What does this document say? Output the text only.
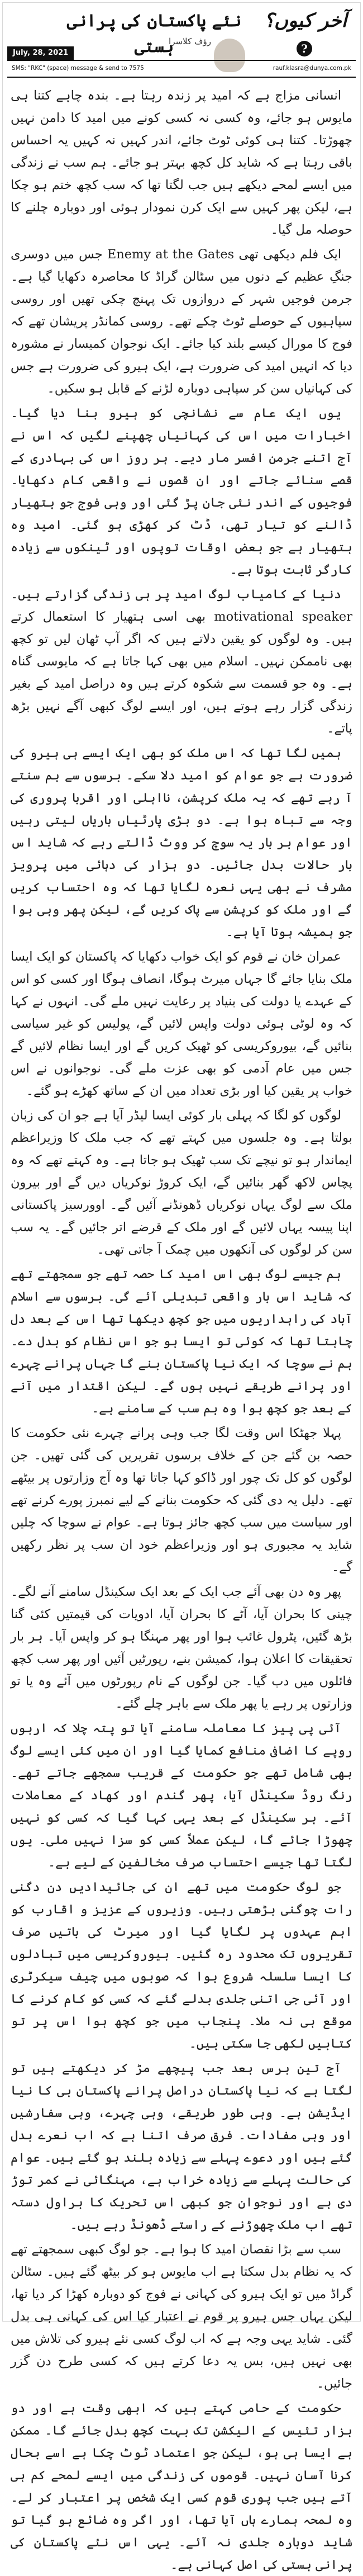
نئے پاکستان کی پرانی ہستی
آخر کیوں؟?
رؤف کلاسرا
July, 28, 2021
SMS: "RKC" (space) message & send to 7575	rauf.klasra@dunya.com.pk

انسانی مزاج ہے کہ امید پر زندہ رہتا ہے۔ بندہ چاہے کتنا ہی مایوس ہو جائے، وہ کسی نہ کسی کونے میں امید کا دامن نہیں چھوڑتا۔ کتنا ہی کوئی ٹوٹ جائے، اندر کہیں نہ کہیں یہ احساس باقی رہتا ہے کہ شاید کل کچھ بہتر ہو جائے۔ ہم سب نے زندگی میں ایسے لمحے دیکھے ہیں جب لگتا تھا کہ سب کچھ ختم ہو چکا ہے، لیکن پھر کہیں سے ایک کرن نمودار ہوئی اور دوبارہ چلنے کا حوصلہ مل گیا۔

ایک فلم دیکھی تھی Enemy at the Gates جس میں دوسری جنگِ عظیم کے دنوں میں سٹالن گراڈ کا محاصرہ دکھایا گیا ہے۔ جرمن فوجیں شہر کے دروازوں تک پہنچ چکی تھیں اور روسی سپاہیوں کے حوصلے ٹوٹ چکے تھے۔ روسی کمانڈر پریشان تھے کہ فوج کا مورال کیسے بلند کیا جائے۔ ایک نوجوان کمیسار نے مشورہ دیا کہ انہیں امید کی ضرورت ہے، ایک ہیرو کی ضرورت ہے جس کی کہانیاں سن کر سپاہی دوبارہ لڑنے کے قابل ہو سکیں۔

یوں ایک عام سے نشانچی کو ہیرو بنا دیا گیا۔ اخبارات میں اس کی کہانیاں چھپنے لگیں کہ اس نے آج اتنے جرمن افسر مار دیے۔ ہر روز اس کی بہادری کے قصے سنائے جاتے اور ان قصوں نے واقعی کام دکھایا۔ فوجیوں کے اندر نئی جان پڑ گئی اور وہی فوج جو ہتھیار ڈالنے کو تیار تھی، ڈٹ کر کھڑی ہو گئی۔ امید وہ ہتھیار ہے جو بعض اوقات توپوں اور ٹینکوں سے زیادہ کارگر ثابت ہوتا ہے۔

دنیا کے کامیاب لوگ امید پر ہی زندگی گزارتے ہیں۔ motivational speaker بھی اسی ہتھیار کا استعمال کرتے ہیں۔ وہ لوگوں کو یقین دلاتے ہیں کہ اگر آپ ٹھان لیں تو کچھ بھی ناممکن نہیں۔ اسلام میں بھی کہا جاتا ہے کہ مایوسی گناہ ہے۔ وہ جو قسمت سے شکوہ کرتے ہیں وہ دراصل امید کے بغیر زندگی گزار رہے ہوتے ہیں، اور ایسے لوگ کبھی آگے نہیں بڑھ پاتے۔

ہمیں لگا تھا کہ اس ملک کو بھی ایک ایسے ہی ہیرو کی ضرورت ہے جو عوام کو امید دلا سکے۔ برسوں سے ہم سنتے آ رہے تھے کہ یہ ملک کرپشن، نااہلی اور اقربا پروری کی وجہ سے تباہ ہوا ہے۔ دو بڑی پارٹیاں باریاں لیتی رہیں اور عوام ہر بار یہ سوچ کر ووٹ ڈالتے رہے کہ شاید اس بار حالات بدل جائیں۔ دو ہزار کی دہائی میں پرویز مشرف نے بھی یہی نعرہ لگایا تھا کہ وہ احتساب کریں گے اور ملک کو کرپشن سے پاک کریں گے، لیکن پھر وہی ہوا جو ہمیشہ ہوتا آیا ہے۔

عمران خان نے قوم کو ایک خواب دکھایا کہ پاکستان کو ایک ایسا ملک بنایا جائے گا جہاں میرٹ ہوگا، انصاف ہوگا اور کسی کو اس کے عہدے یا دولت کی بنیاد پر رعایت نہیں ملے گی۔ انہوں نے کہا کہ وہ لوٹی ہوئی دولت واپس لائیں گے، پولیس کو غیر سیاسی بنائیں گے، بیوروکریسی کو ٹھیک کریں گے اور ایسا نظام لائیں گے جس میں عام آدمی کو بھی عزت ملے گی۔ نوجوانوں نے اس خواب پر یقین کیا اور بڑی تعداد میں ان کے ساتھ کھڑے ہو گئے۔

لوگوں کو لگا کہ پہلی بار کوئی ایسا لیڈر آیا ہے جو ان کی زبان بولتا ہے۔ وہ جلسوں میں کہتے تھے کہ جب ملک کا وزیراعظم ایماندار ہو تو نیچے تک سب ٹھیک ہو جاتا ہے۔ وہ کہتے تھے کہ وہ پچاس لاکھ گھر بنائیں گے، ایک کروڑ نوکریاں دیں گے اور بیرون ملک سے لوگ یہاں نوکریاں ڈھونڈنے آئیں گے۔ اوورسیز پاکستانی اپنا پیسہ یہاں لائیں گے اور ملک کے قرضے اتر جائیں گے۔ یہ سب سن کر لوگوں کی آنکھوں میں چمک آ جاتی تھی۔

ہم جیسے لوگ بھی اس امید کا حصہ تھے جو سمجھتے تھے کہ شاید اس بار واقعی تبدیلی آئے گی۔ برسوں سے اسلام آباد کی راہداریوں میں جو کچھ دیکھا تھا اس کے بعد دل چاہتا تھا کہ کوئی تو ایسا ہو جو اس نظام کو بدل دے۔ ہم نے سوچا کہ ایک نیا پاکستان بنے گا جہاں پرانے چہرے اور پرانے طریقے نہیں ہوں گے۔ لیکن اقتدار میں آنے کے بعد جو کچھ ہوا وہ ہم سب کے سامنے ہے۔

پہلا جھٹکا اس وقت لگا جب وہی پرانے چہرے نئی حکومت کا حصہ بن گئے جن کے خلاف برسوں تقریریں کی گئی تھیں۔ جن لوگوں کو کل تک چور اور ڈاکو کہا جاتا تھا وہ آج وزارتوں پر بیٹھے تھے۔ دلیل یہ دی گئی کہ حکومت بنانے کے لیے نمبرز پورے کرنے تھے اور سیاست میں سب کچھ جائز ہوتا ہے۔ عوام نے سوچا کہ چلیں شاید یہ مجبوری ہو اور وزیراعظم خود ان سب پر نظر رکھیں گے۔

پھر وہ دن بھی آئے جب ایک کے بعد ایک سکینڈل سامنے آنے لگے۔ چینی کا بحران آیا، آٹے کا بحران آیا، ادویات کی قیمتیں کئی گنا بڑھ گئیں، پٹرول غائب ہوا اور پھر مہنگا ہو کر واپس آیا۔ ہر بار تحقیقات کا اعلان ہوا، کمیشن بنے، رپورٹیں آئیں اور پھر سب کچھ فائلوں میں دب گیا۔ جن لوگوں کے نام رپورٹوں میں آئے وہ یا تو وزارتوں پر رہے یا پھر ملک سے باہر چلے گئے۔

آئی پی پیز کا معاملہ سامنے آیا تو پتہ چلا کہ اربوں روپے کا اضافی منافع کمایا گیا اور ان میں کئی ایسے لوگ بھی شامل تھے جو حکومت کے قریب سمجھے جاتے تھے۔ رنگ روڈ سکینڈل آیا، پھر گندم اور کھاد کے معاملات آئے۔ ہر سکینڈل کے بعد یہی کہا گیا کہ کسی کو نہیں چھوڑا جائے گا، لیکن عملاً کسی کو سزا نہیں ملی۔ یوں لگتا تھا جیسے احتساب صرف مخالفین کے لیے ہے۔

جو لوگ حکومت میں تھے ان کی جائیدادیں دن دگنی رات چوگنی بڑھتی رہیں۔ وزیروں کے عزیز و اقارب کو اہم عہدوں پر لگایا گیا اور میرٹ کی باتیں صرف تقریروں تک محدود رہ گئیں۔ بیوروکریسی میں تبادلوں کا ایسا سلسلہ شروع ہوا کہ صوبوں میں چیف سیکرٹری اور آئی جی اتنی جلدی بدلے گئے کہ کسی کو کام کرنے کا موقع ہی نہ ملا۔ پنجاب میں جو کچھ ہوا اس پر تو کتابیں لکھی جا سکتی ہیں۔

آج تین برس بعد جب پیچھے مڑ کر دیکھتے ہیں تو لگتا ہے کہ نیا پاکستان دراصل پرانے پاکستان ہی کا نیا ایڈیشن ہے۔ وہی طور طریقے، وہی چہرے، وہی سفارشیں اور وہی مفادات۔ فرق صرف اتنا ہے کہ اب نعرے بدل گئے ہیں اور دعوے پہلے سے زیادہ بلند ہو گئے ہیں۔ عوام کی حالت پہلے سے زیادہ خراب ہے، مہنگائی نے کمر توڑ دی ہے اور نوجوان جو کبھی اس تحریک کا ہراول دستہ تھے اب ملک چھوڑنے کے راستے ڈھونڈ رہے ہیں۔

سب سے بڑا نقصان امید کا ہوا ہے۔ جو لوگ کبھی سمجھتے تھے کہ یہ نظام بدل سکتا ہے اب مایوس ہو کر بیٹھ گئے ہیں۔ سٹالن گراڈ میں تو ایک ہیرو کی کہانی نے فوج کو دوبارہ کھڑا کر دیا تھا، لیکن یہاں جس ہیرو پر قوم نے اعتبار کیا اس کی کہانی ہی بدل گئی۔ شاید یہی وجہ ہے کہ اب لوگ کسی نئے ہیرو کی تلاش میں بھی نہیں ہیں، بس یہ دعا کرتے ہیں کہ کسی طرح دن گزر جائیں۔

حکومت کے حامی کہتے ہیں کہ ابھی وقت ہے اور دو ہزار تئیس کے الیکشن تک بہت کچھ بدل جائے گا۔ ممکن ہے ایسا ہی ہو، لیکن جو اعتماد ٹوٹ چکا ہے اسے بحال کرنا آسان نہیں۔ قوموں کی زندگی میں ایسے لمحے کم ہی آتے ہیں جب پوری قوم کسی ایک شخص پر اعتبار کر لے۔ وہ لمحہ ہمارے ہاں آیا تھا، اور اگر وہ ضائع ہو گیا تو شاید دوبارہ جلدی نہ آئے۔ یہی اس نئے پاکستان کی پرانی ہستی کی اصل کہانی ہے۔
